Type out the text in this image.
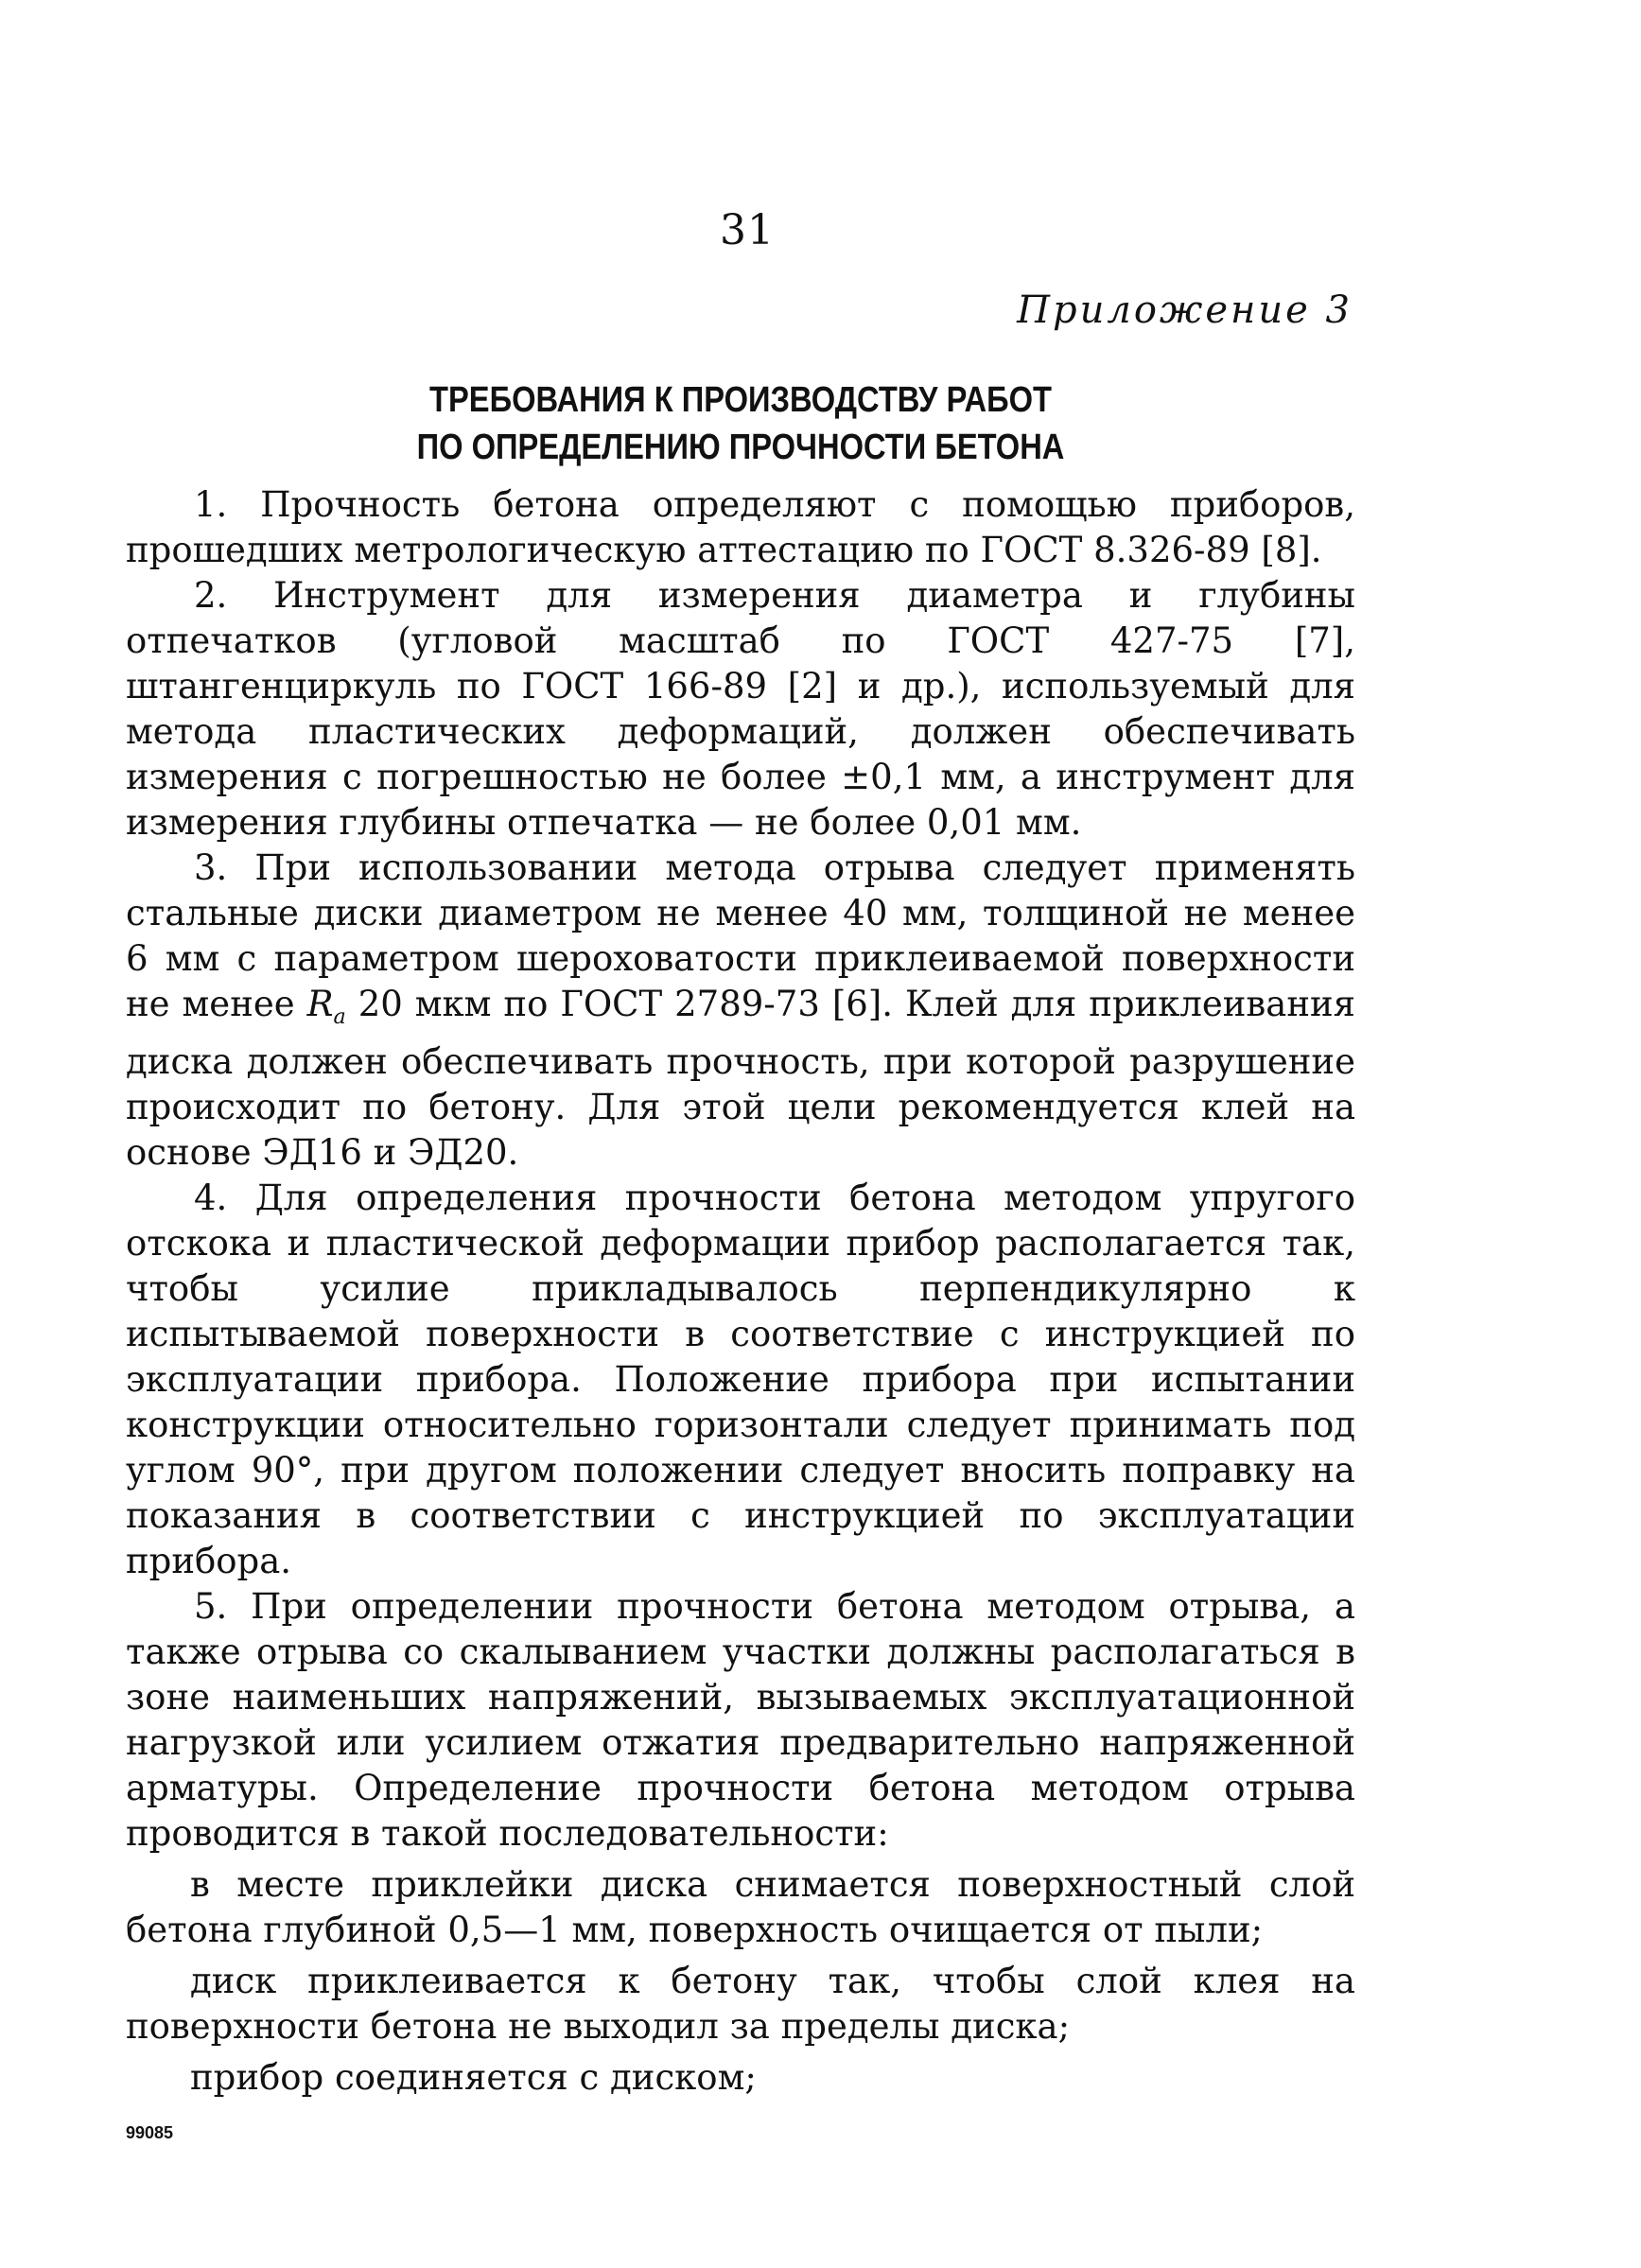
31
Приложение 3
ТРЕБОВАНИЯ К ПРОИЗВОДСТВУ РАБОТ
ПО ОПРЕДЕЛЕНИЮ ПРОЧНОСТИ БЕТОНА

1. Прочность бетона определяют с помощью приборов, прошедших метрологическую аттестацию по ГОСТ 8.326-89 [8].

2. Инструмент для измерения диаметра и глубины отпечатков (угловой масштаб по ГОСТ 427-75 [7], штангенциркуль по ГОСТ 166-89 [2] и др.), используемый для метода пластических деформаций, должен обеспечивать измерения с погрешностью не более ±0,1 мм, а инструмент для измерения глубины отпечатка — не более 0,01 мм.

3. При использовании метода отрыва следует применять стальные диски диаметром не менее 40 мм, толщиной не менее 6 мм с параметром шероховатости приклеиваемой поверхности не менее $R_a$ 20 мкм по ГОСТ 2789-73 [6]. Клей для приклеивания диска должен обеспечивать прочность, при которой разрушение происходит по бетону. Для этой цели рекомендуется клей на основе ЭД16 и ЭД20.

4. Для определения прочности бетона методом упругого отскока и пластической деформации прибор располагается так, чтобы усилие прикладывалось перпендикулярно к испытываемой поверхности в соответствие с инструкцией по эксплуатации прибора. Положение прибора при испытании конструкции относительно горизонтали следует принимать под углом 90°, при другом положении следует вносить поправку на показания в соответствии с инструкцией по эксплуатации прибора.

5. При определении прочности бетона методом отрыва, а также отрыва со скалыванием участки должны располагаться в зоне наименьших напряжений, вызываемых эксплуатационной нагрузкой или усилием отжатия предварительно напряженной арматуры. Определение прочности бетона методом отрыва проводится в такой последовательности:

в месте приклейки диска снимается поверхностный слой бетона глубиной 0,5—1 мм, поверхность очищается от пыли;

диск приклеивается к бетону так, чтобы слой клея на поверхности бетона не выходил за пределы диска;

прибор соединяется с диском;

99085
